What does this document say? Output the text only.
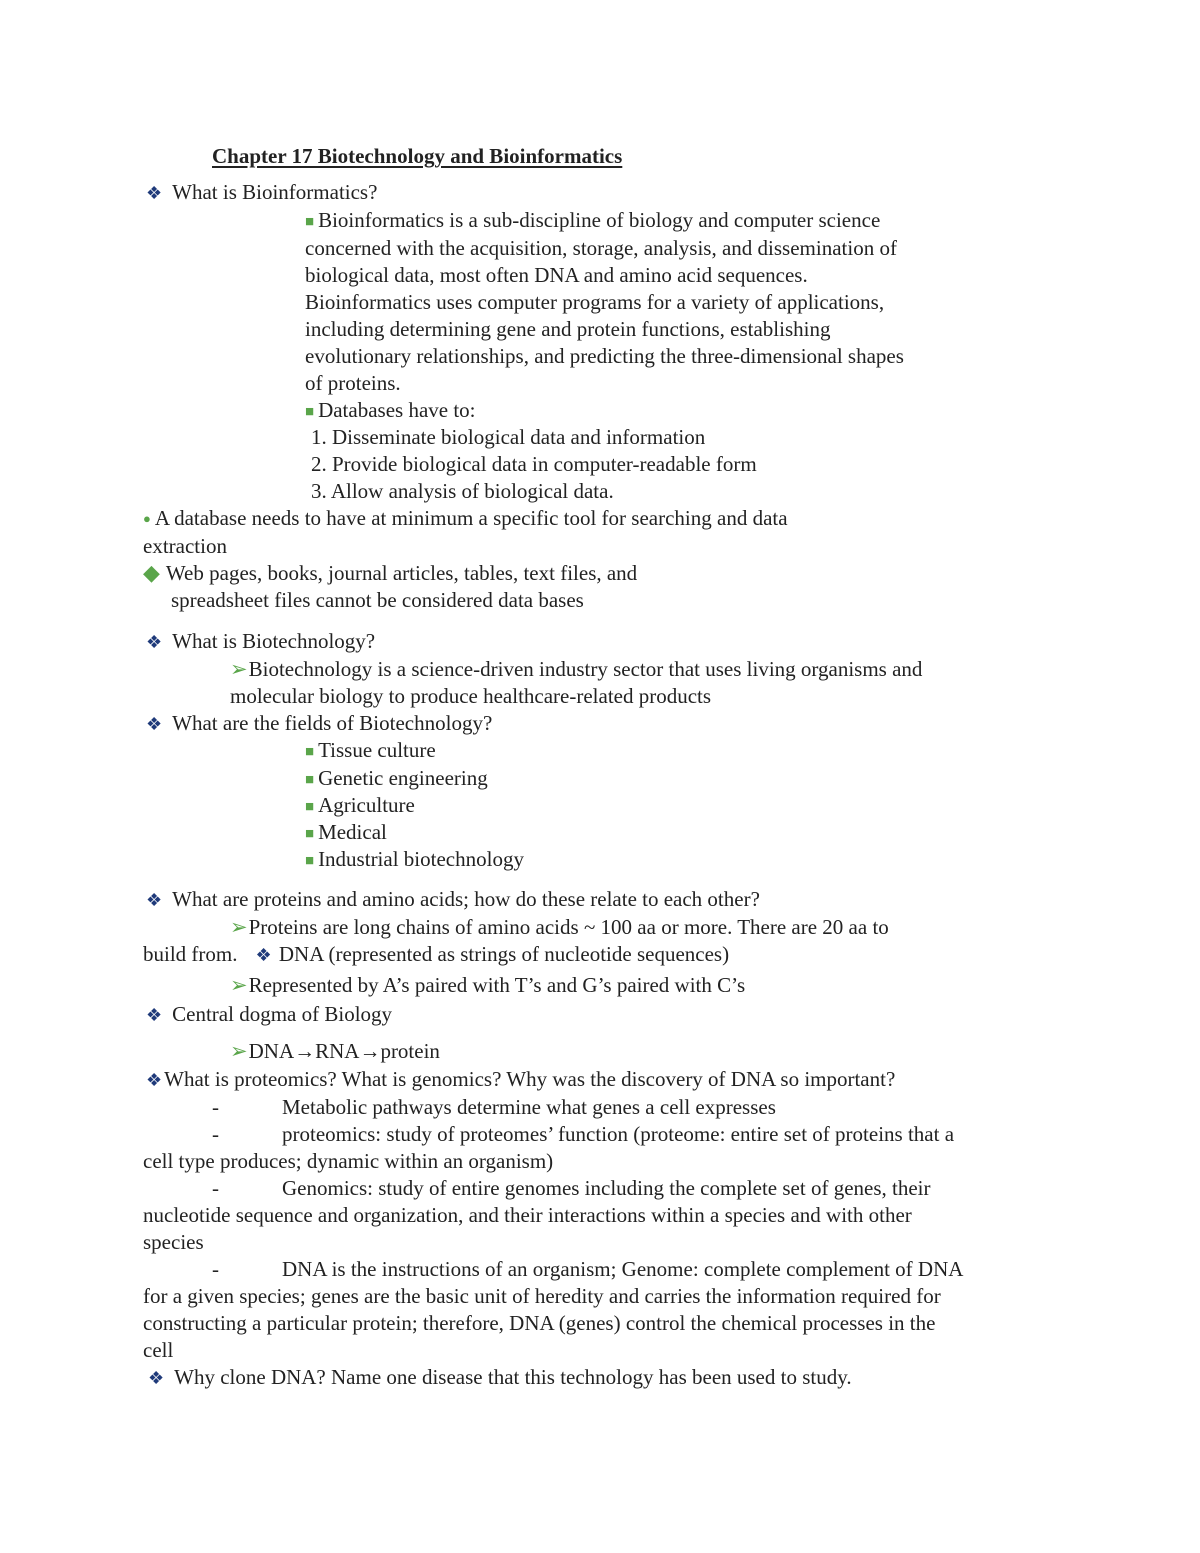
Chapter 17 Biotechnology and Bioinformatics
❖ What is Bioinformatics?
■ Bioinformatics is a sub-discipline of biology and computer science
concerned with the acquisition, storage, analysis, and dissemination of
biological data, most often DNA and amino acid sequences.
Bioinformatics uses computer programs for a variety of applications,
including determining gene and protein functions, establishing
evolutionary relationships, and predicting the three-dimensional shapes
of proteins.
■ Databases have to:
1. Disseminate biological data and information
2. Provide biological data in computer-readable form
3. Allow analysis of biological data.
● A database needs to have at minimum a specific tool for searching and data
extraction
◆ Web pages, books, journal articles, tables, text files, and
spreadsheet files cannot be considered data bases
❖ What is Biotechnology?
➢Biotechnology is a science-driven industry sector that uses living organisms and
molecular biology to produce healthcare-related products
❖ What are the fields of Biotechnology?
■ Tissue culture
■ Genetic engineering
■ Agriculture
■ Medical
■ Industrial biotechnology
❖ What are proteins and amino acids; how do these relate to each other?
➢Proteins are long chains of amino acids ~ 100 aa or more. There are 20 aa to
build from. ❖ DNA (represented as strings of nucleotide sequences)
➢Represented by A’s paired with T’s and G’s paired with C’s
❖ Central dogma of Biology
➢DNA→RNA→protein
❖What is proteomics? What is genomics? Why was the discovery of DNA so important?
-	Metabolic pathways determine what genes a cell expresses
-	proteomics: study of proteomes’ function (proteome: entire set of proteins that a
cell type produces; dynamic within an organism)
-	Genomics: study of entire genomes including the complete set of genes, their
nucleotide sequence and organization, and their interactions within a species and with other
species
-	DNA is the instructions of an organism; Genome: complete complement of DNA
for a given species; genes are the basic unit of heredity and carries the information required for
constructing a particular protein; therefore, DNA (genes) control the chemical processes in the
cell
❖ Why clone DNA? Name one disease that this technology has been used to study.
